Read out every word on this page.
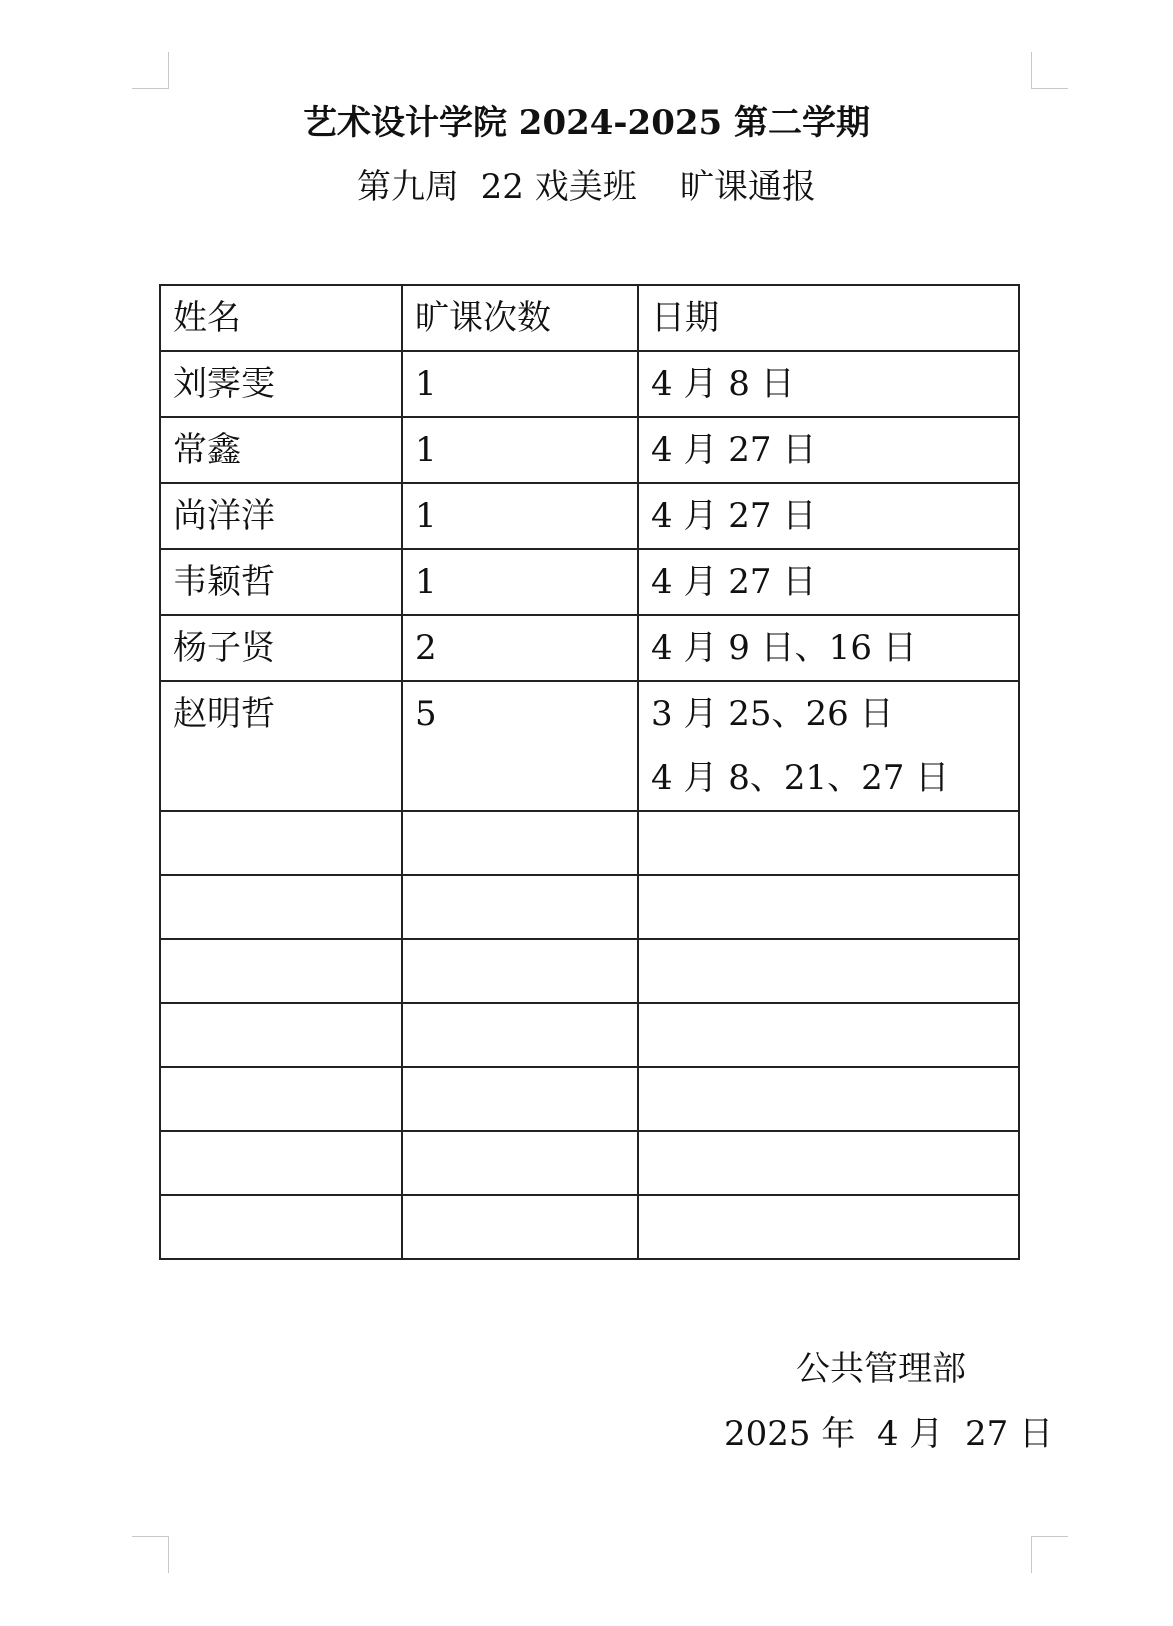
艺术设计学院 2024-2025 第二学期
第九周  22 戏美班    旷课通报
姓名	旷课次数	日期
刘霁雯	1	4 月 8 日

常鑫	1	4 月 27 日

尚洋洋	1	4 月 27 日

韦颖哲	1	4 月 27 日

杨子贤	2	4 月 9 日、16 日

赵明哲	5	3 月 25、26 日
4 月 8、21、27 日

公共管理部
2025 年  4 月  27 日
